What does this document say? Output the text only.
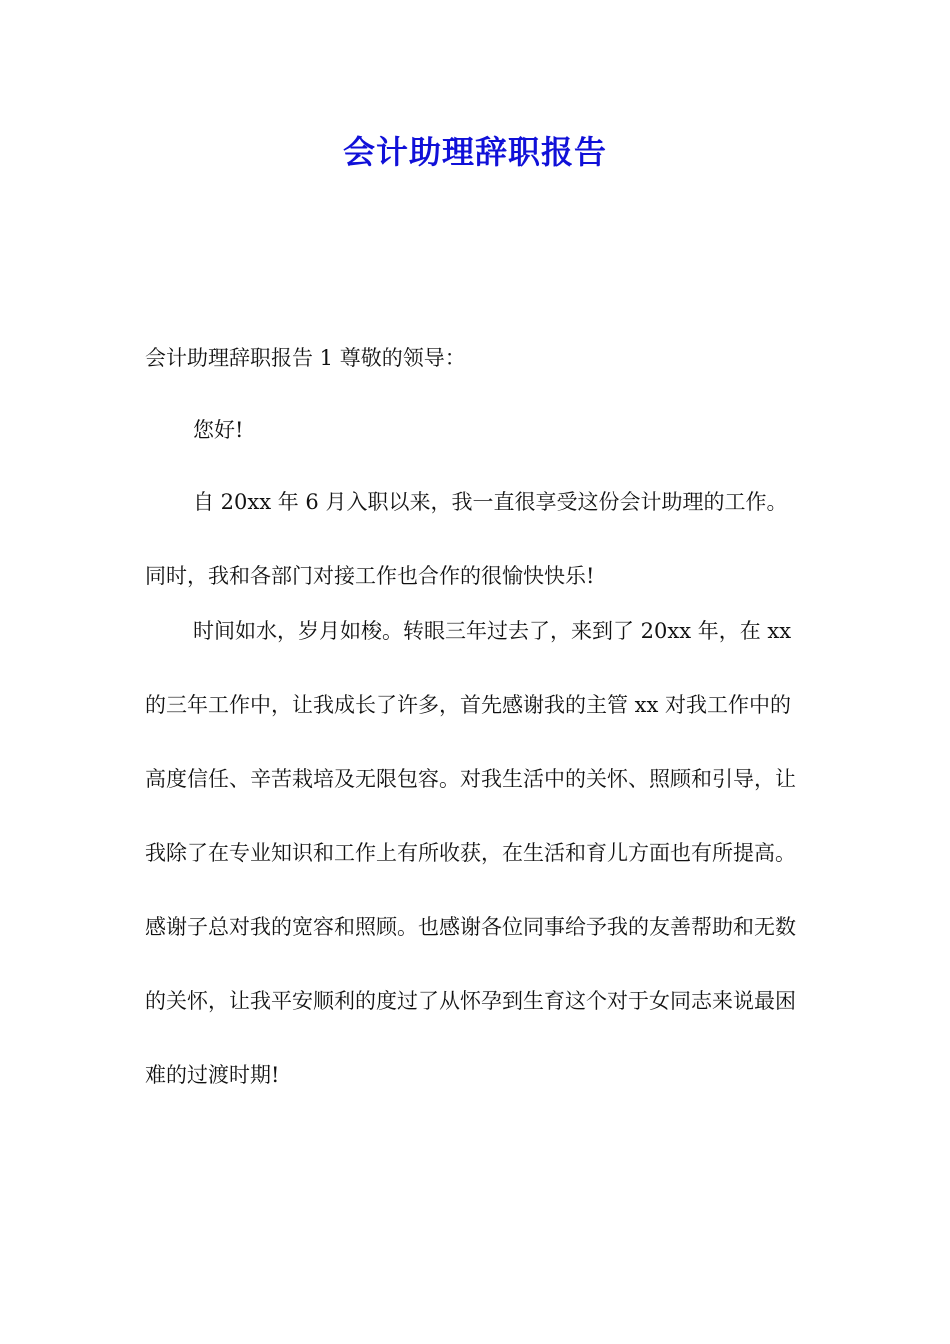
会计助理辞职报告

会计助理辞职报告 1 尊敬的领导：

您好!

自 20xx 年 6 月入职以来，我一直很享受这份会计助理的工作。同时，我和各部门对接工作也合作的很愉快快乐!

时间如水，岁月如梭。转眼三年过去了，来到了 20xx 年，在 xx 的三年工作中，让我成长了许多，首先感谢我的主管 xx 对我工作中的高度信任、辛苦栽培及无限包容。对我生活中的关怀、照顾和引导，让我除了在专业知识和工作上有所收获，在生活和育儿方面也有所提高。感谢子总对我的宽容和照顾。也感谢各位同事给予我的友善帮助和无数的关怀，让我平安顺利的度过了从怀孕到生育这个对于女同志来说最困难的过渡时期!
